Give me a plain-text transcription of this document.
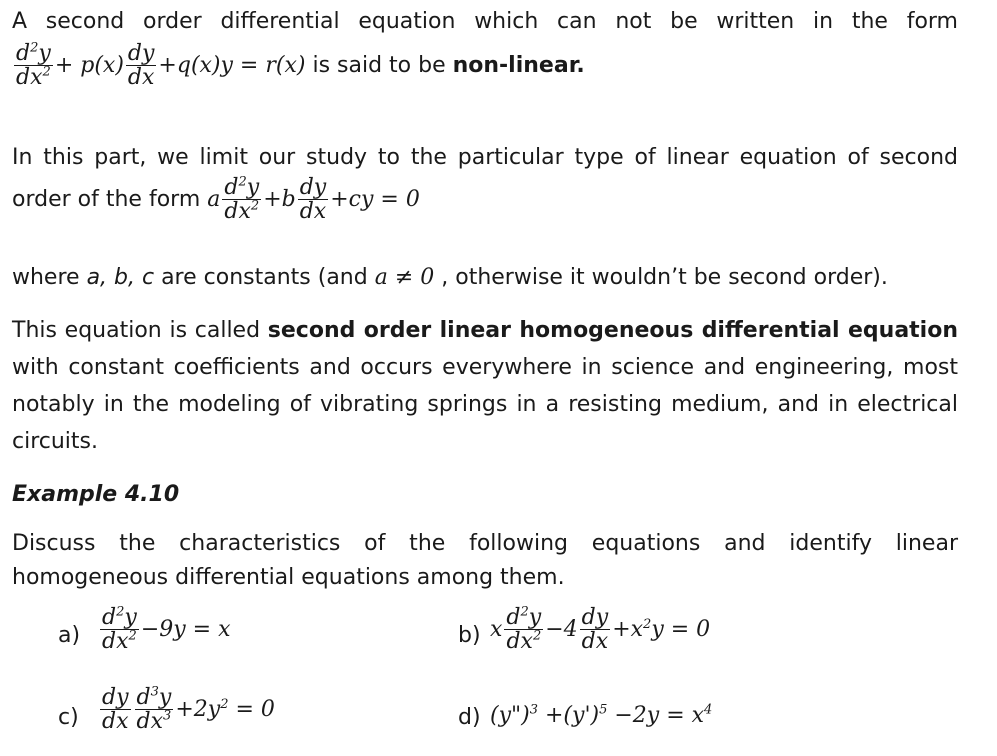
A second order differential equation which can not be written in the form
$\frac{d^2y}{dx^2} + p(x) \frac{dy}{dx} +q(x)y = r(x)$ is said to be non-linear.
In this part, we limit our study to the particular type of linear equation of second
order of the form a $\frac{d^2y}{dx^2} +b \frac{dy}{dx} +cy = 0$
where a, b, c are constants (and a ≠ 0 , otherwise it wouldn’t be second order).
This equation is called second order linear homogeneous differential equation
with constant coefficients and occurs everywhere in science and engineering, most
notably in the modeling of vibrating springs in a resisting medium, and in electrical
circuits.
Example 4.10
Discuss the characteristics of the following equations and identify linear
homogeneous differential equations among them.
$a) \frac{d^2y}{dx^2} -9y = x$	b) x $\frac{d^2y}{dx^2} -4 \frac{dy}{dx} +x^2y = 0$
$c) \frac{dy}{dx} \frac{d^3y}{dx^3} +2y^2 = 0$	d) (y")$^3$ $+(y')^5 -2y = x^4$
